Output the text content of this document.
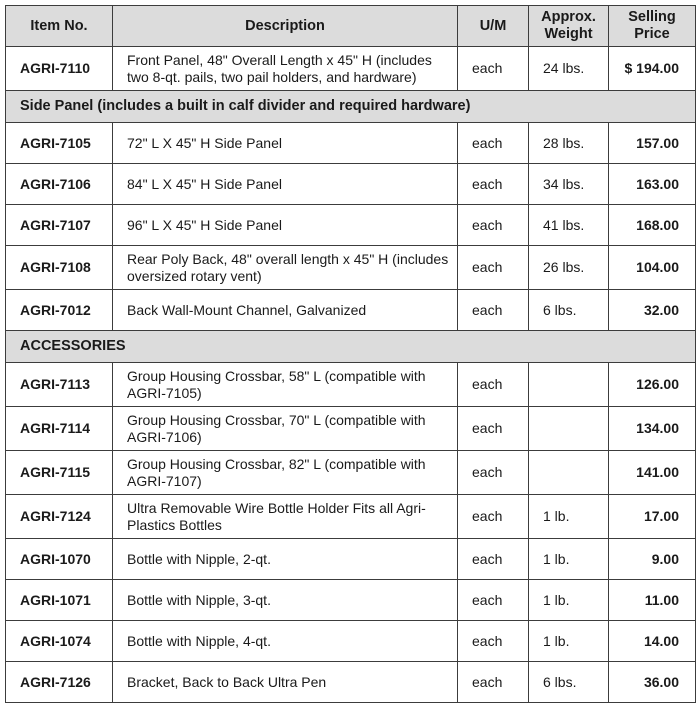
Item No.	Description	U/M	Approx. Weight	Selling Price
AGRI-7110	Front Panel, 48" Overall Length x 45" H (includes two 8-qt. pails, two pail holders, and hardware)	each	24 lbs.	$ 194.00
Side Panel (includes a built in calf divider and required hardware)				
AGRI-7105	72" L X 45" H Side Panel	each	28 lbs.	157.00
AGRI-7106	84" L X 45" H Side Panel	each	34 lbs.	163.00
AGRI-7107	96" L X 45" H Side Panel	each	41 lbs.	168.00
AGRI-7108	Rear Poly Back, 48" overall length x 45" H (includes oversized rotary vent)	each	26 lbs.	104.00
AGRI-7012	Back Wall-Mount Channel, Galvanized	each	6 lbs.	32.00
ACCESSORIES				
AGRI-7113	Group Housing Crossbar, 58" L (compatible with AGRI-7105)	each		126.00
AGRI-7114	Group Housing Crossbar, 70" L (compatible with AGRI-7106)	each		134.00
AGRI-7115	Group Housing Crossbar, 82" L (compatible with AGRI-7107)	each		141.00
AGRI-7124	Ultra Removable Wire Bottle Holder Fits all Agri-Plastics Bottles	each	1 lb.	17.00
AGRI-1070	Bottle with Nipple, 2-qt.	each	1 lb.	9.00
AGRI-1071	Bottle with Nipple, 3-qt.	each	1 lb.	11.00
AGRI-1074	Bottle with Nipple, 4-qt.	each	1 lb.	14.00
AGRI-7126	Bracket, Back to Back Ultra Pen	each	6 lbs.	36.00
